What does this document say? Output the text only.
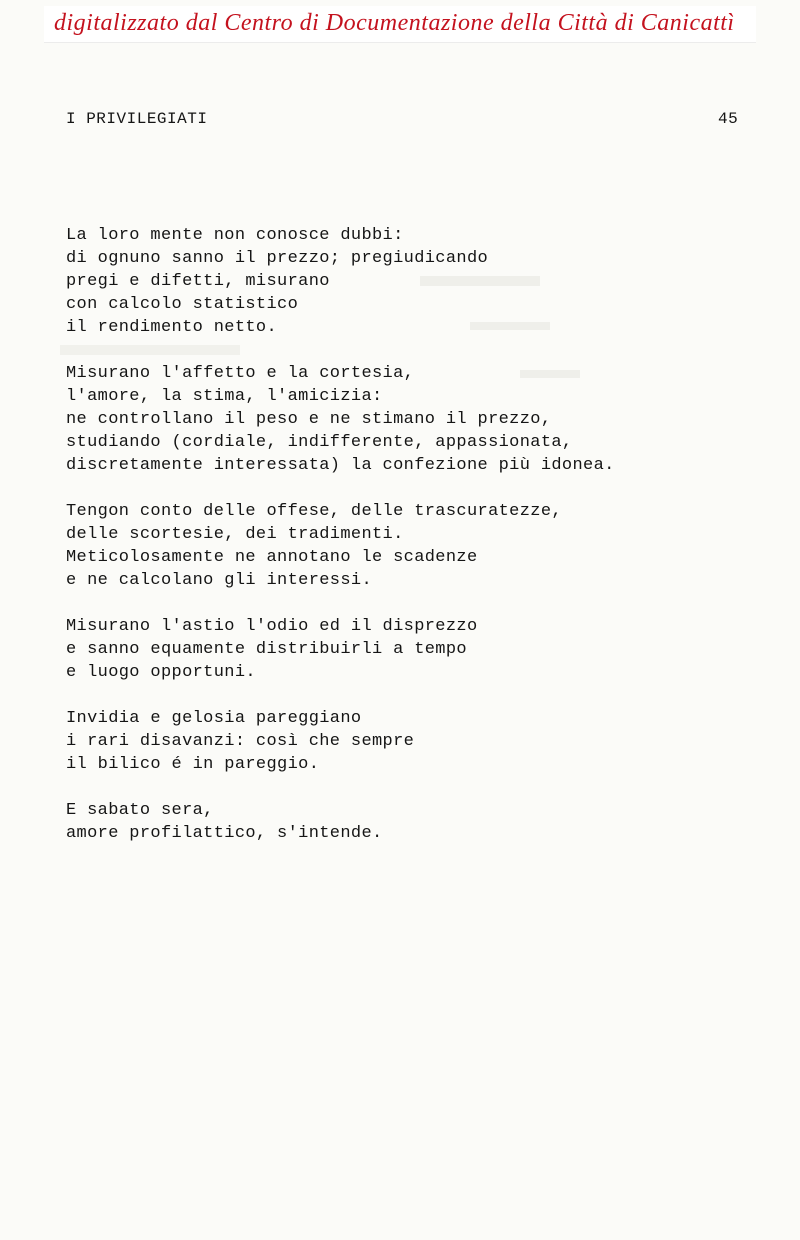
digitalizzato dal Centro di Documentazione della Città di Canicattì
I PRIVILEGIATI	45
La loro mente non conosce dubbi:
di ognuno sanno il prezzo; pregiudicando
pregi e difetti, misurano
con calcolo statistico
il rendimento netto.
Misurano l'affetto e la cortesia,
l'amore, la stima, l'amicizia:
ne controllano il peso e ne stimano il prezzo,
studiando (cordiale, indifferente, appassionata,
discretamente interessata) la confezione più idonea.
Tengon conto delle offese, delle trascuratezze,
delle scortesie, dei tradimenti.
Meticolosamente ne annotano le scadenze
e ne calcolano gli interessi.
Misurano l'astio l'odio ed il disprezzo
e sanno equamente distribuirli a tempo
e luogo opportuni.
Invidia e gelosia pareggiano
i rari disavanzi: così che sempre
il bilico é in pareggio.
E sabato sera,
amore profilattico, s'intende.
